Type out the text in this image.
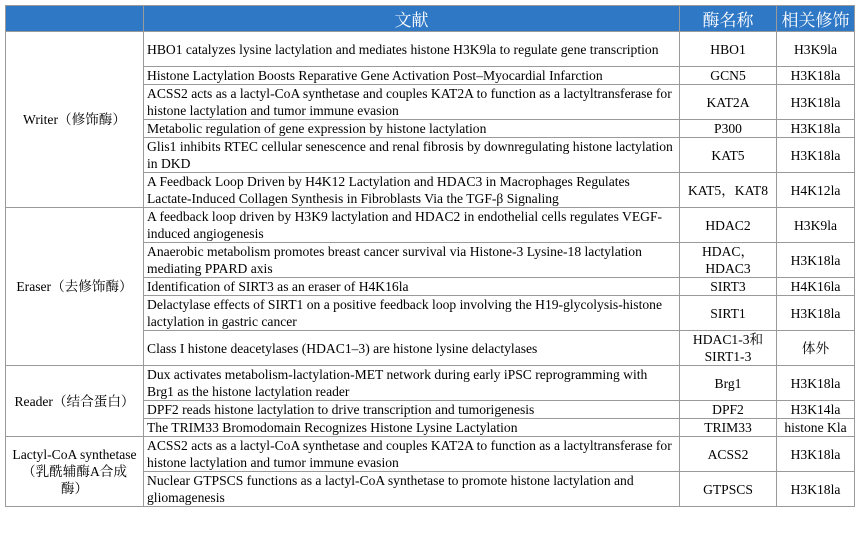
	文献	酶名称	相关修饰
Writer（修饰酶）	HBO1 catalyzes lysine lactylation and mediates histone H3K9la to regulate gene transcription	HBO1	H3K9la
	Histone Lactylation Boosts Reparative Gene Activation Post–Myocardial Infarction	GCN5	H3K18la
	ACSS2 acts as a lactyl-CoA synthetase and couples KAT2A to function as a lactyltransferase for histone lactylation and tumor immune evasion	KAT2A	H3K18la
	Metabolic regulation of gene expression by histone lactylation	P300	H3K18la
	Glis1 inhibits RTEC cellular senescence and renal fibrosis by downregulating histone lactylation in DKD	KAT5	H3K18la
	A Feedback Loop Driven by H4K12 Lactylation and HDAC3 in Macrophages Regulates Lactate-Induced Collagen Synthesis in Fibroblasts Via the TGF-β Signaling	KAT5，KAT8	H4K12la
Eraser（去修饰酶）	A feedback loop driven by H3K9 lactylation and HDAC2 in endothelial cells regulates VEGF-induced angiogenesis	HDAC2	H3K9la
	Anaerobic metabolism promotes breast cancer survival via Histone-3 Lysine-18 lactylation mediating PPARD axis	HDAC，HDAC3	H3K18la
	Identification of SIRT3 as an eraser of H4K16la	SIRT3	H4K16la
	Delactylase effects of SIRT1 on a positive feedback loop involving the H19-glycolysis-histone lactylation in gastric cancer	SIRT1	H3K18la
	Class I histone deacetylases (HDAC1–3) are histone lysine delactylases	HDAC1-3和SIRT1-3	体外
Reader（结合蛋白）	Dux activates metabolism-lactylation-MET network during early iPSC reprogramming with Brg1 as the histone lactylation reader	Brg1	H3K18la
	DPF2 reads histone lactylation to drive transcription and tumorigenesis	DPF2	H3K14la
	The TRIM33 Bromodomain Recognizes Histone Lysine Lactylation	TRIM33	histone Kla
Lactyl-CoA synthetase（乳酰辅酶A合成酶）	ACSS2 acts as a lactyl-CoA synthetase and couples KAT2A to function as a lactyltransferase for histone lactylation and tumor immune evasion	ACSS2	H3K18la
	Nuclear GTPSCS functions as a lactyl-CoA synthetase to promote histone lactylation and gliomagenesis	GTPSCS	H3K18la
